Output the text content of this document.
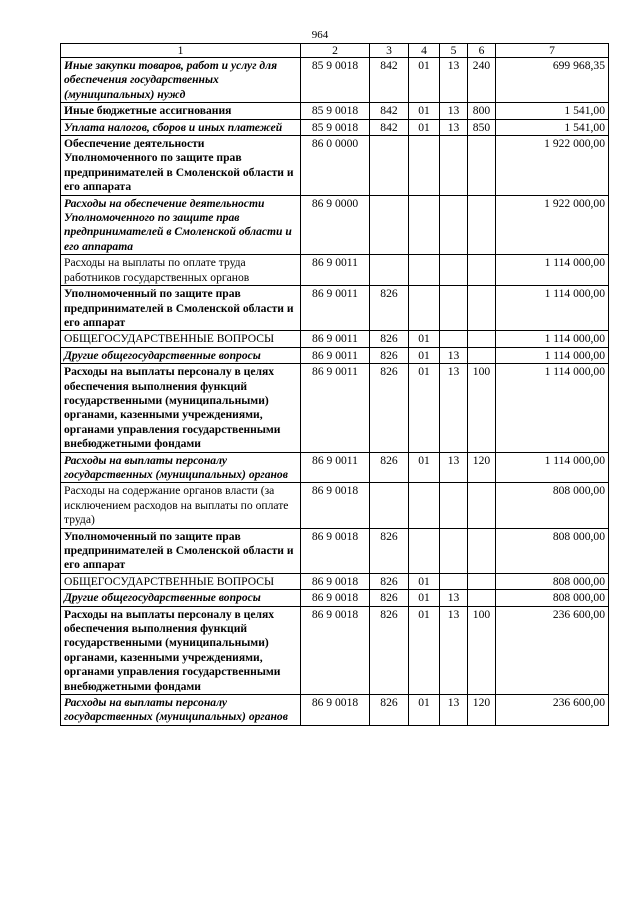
964
1	2	3	4	5	6	7
Иные закупки товаров, работ и услуг для обеспечения государственных (муниципальных) нужд	85 9 0018	842	01	13	240	699 968,35
Иные бюджетные ассигнования	85 9 0018	842	01	13	800	1 541,00
Уплата налогов, сборов и иных платежей	85 9 0018	842	01	13	850	1 541,00
Обеспечение деятельности Уполномоченного по защите прав предпринимателей в Смоленской области и его аппарата	86 0 0000					1 922 000,00
Расходы на обеспечение деятельности Уполномоченного по защите прав предпринимателей в Смоленской области и его аппарата	86 9 0000					1 922 000,00
Расходы на выплаты по оплате труда работников государственных органов	86 9 0011					1 114 000,00
Уполномоченный по защите прав предпринимателей в Смоленской области и его аппарат	86 9 0011	826				1 114 000,00
ОБЩЕГОСУДАРСТВЕННЫЕ ВОПРОСЫ	86 9 0011	826	01			1 114 000,00
Другие общегосударственные вопросы	86 9 0011	826	01	13		1 114 000,00
Расходы на выплаты персоналу в целях обеспечения выполнения функций государственными (муниципальными) органами, казенными учреждениями, органами управления государственными внебюджетными фондами	86 9 0011	826	01	13	100	1 114 000,00
Расходы на выплаты персоналу государственных (муниципальных) органов	86 9 0011	826	01	13	120	1 114 000,00
Расходы на содержание органов власти (за исключением расходов на выплаты по оплате труда)	86 9 0018					808 000,00
Уполномоченный по защите прав предпринимателей в Смоленской области и его аппарат	86 9 0018	826				808 000,00
ОБЩЕГОСУДАРСТВЕННЫЕ ВОПРОСЫ	86 9 0018	826	01			808 000,00
Другие общегосударственные вопросы	86 9 0018	826	01	13		808 000,00
Расходы на выплаты персоналу в целях обеспечения выполнения функций государственными (муниципальными) органами, казенными учреждениями, органами управления государственными внебюджетными фондами	86 9 0018	826	01	13	100	236 600,00
Расходы на выплаты персоналу государственных (муниципальных) органов	86 9 0018	826	01	13	120	236 600,00
